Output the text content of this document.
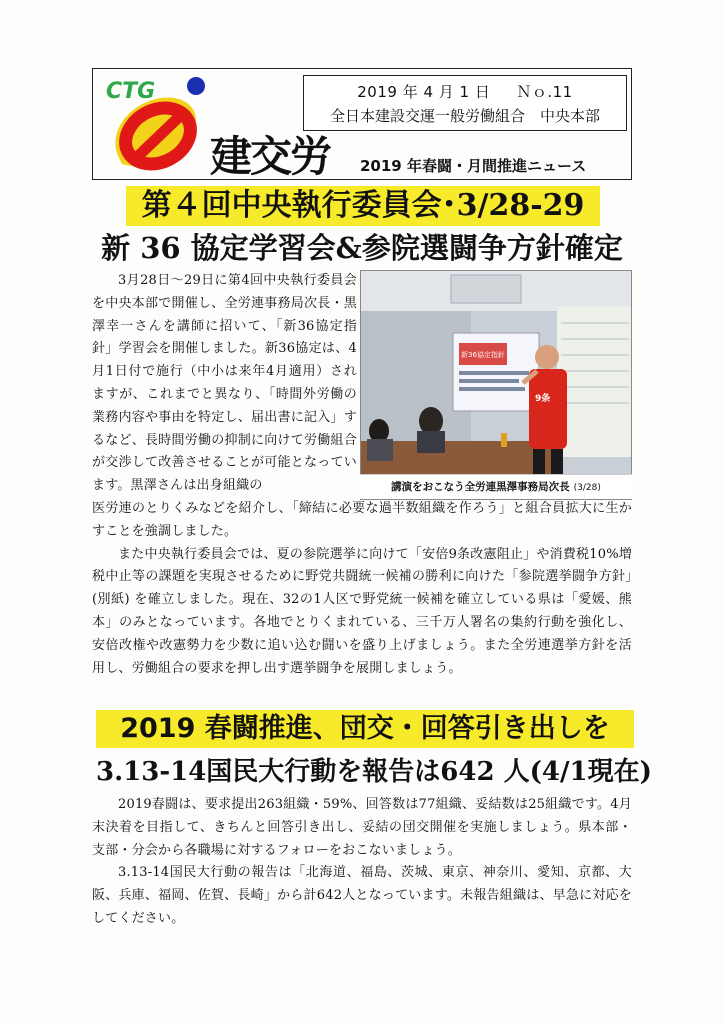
CTG	2019 年 4 月 1 日 Ｎｏ.11
全日本建設交運一般労働組合　中央本部
建交労 2019 年春闘・月間推進ニュース
第４回中央執行委員会･3/28-29
新 36 協定学習会&参院選闘争方針確定

3月28日～29日に第4回中央執行委員会を中央本部で開催し、全労連事務局次長・黒澤幸一さんを講師に招いて、「新36協定指針」学習会を開催しました。新36協定は、4月1日付で施行（中小は来年4月適用）されますが、これまでと異なり、「時間外労働の業務内容や事由を特定し、届出書に記入」するなど、長時間労働の抑制に向けて労働組合が交渉して改善させることが可能となっています。黒澤さんは出身組織の

新36協定指針
9条
講演をおこなう全労連黒澤事務局次長 (3/28)

医労連のとりくみなどを紹介し、「締結に必要な過半数組織を作ろう」と組合員拡大に生かすことを強調しました。
また中央執行委員会では、夏の参院選挙に向けて「安倍9条改憲阻止」や消費税10%増税中止等の課題を実現させるために野党共闘統一候補の勝利に向けた「参院選挙闘争方針」(別紙) を確立しました。現在、32の1人区で野党統一候補を確立している県は「愛媛、熊本」のみとなっています。各地でとりくまれている、三千万人署名の集約行動を強化し、安倍改権や改憲勢力を少数に追い込む闘いを盛り上げましょう。また全労連選挙方針を活用し、労働組合の要求を押し出す選挙闘争を展開しましょう。

2019 春闘推進、団交・回答引き出しを
3.13-14国民大行動を報告は642 人(4/1現在)

2019春闘は、要求提出263組織・59%、回答数は77組織、妥結数は25組織です。4月末決着を目指して、きちんと回答引き出し、妥結の団交開催を実施しましょう。県本部・支部・分会から各職場に対するフォローをおこないましょう。
3.13-14国民大行動の報告は「北海道、福島、茨城、東京、神奈川、愛知、京都、大阪、兵庫、福岡、佐賀、長崎」から計642人となっています。未報告組織は、早急に対応をしてください。
